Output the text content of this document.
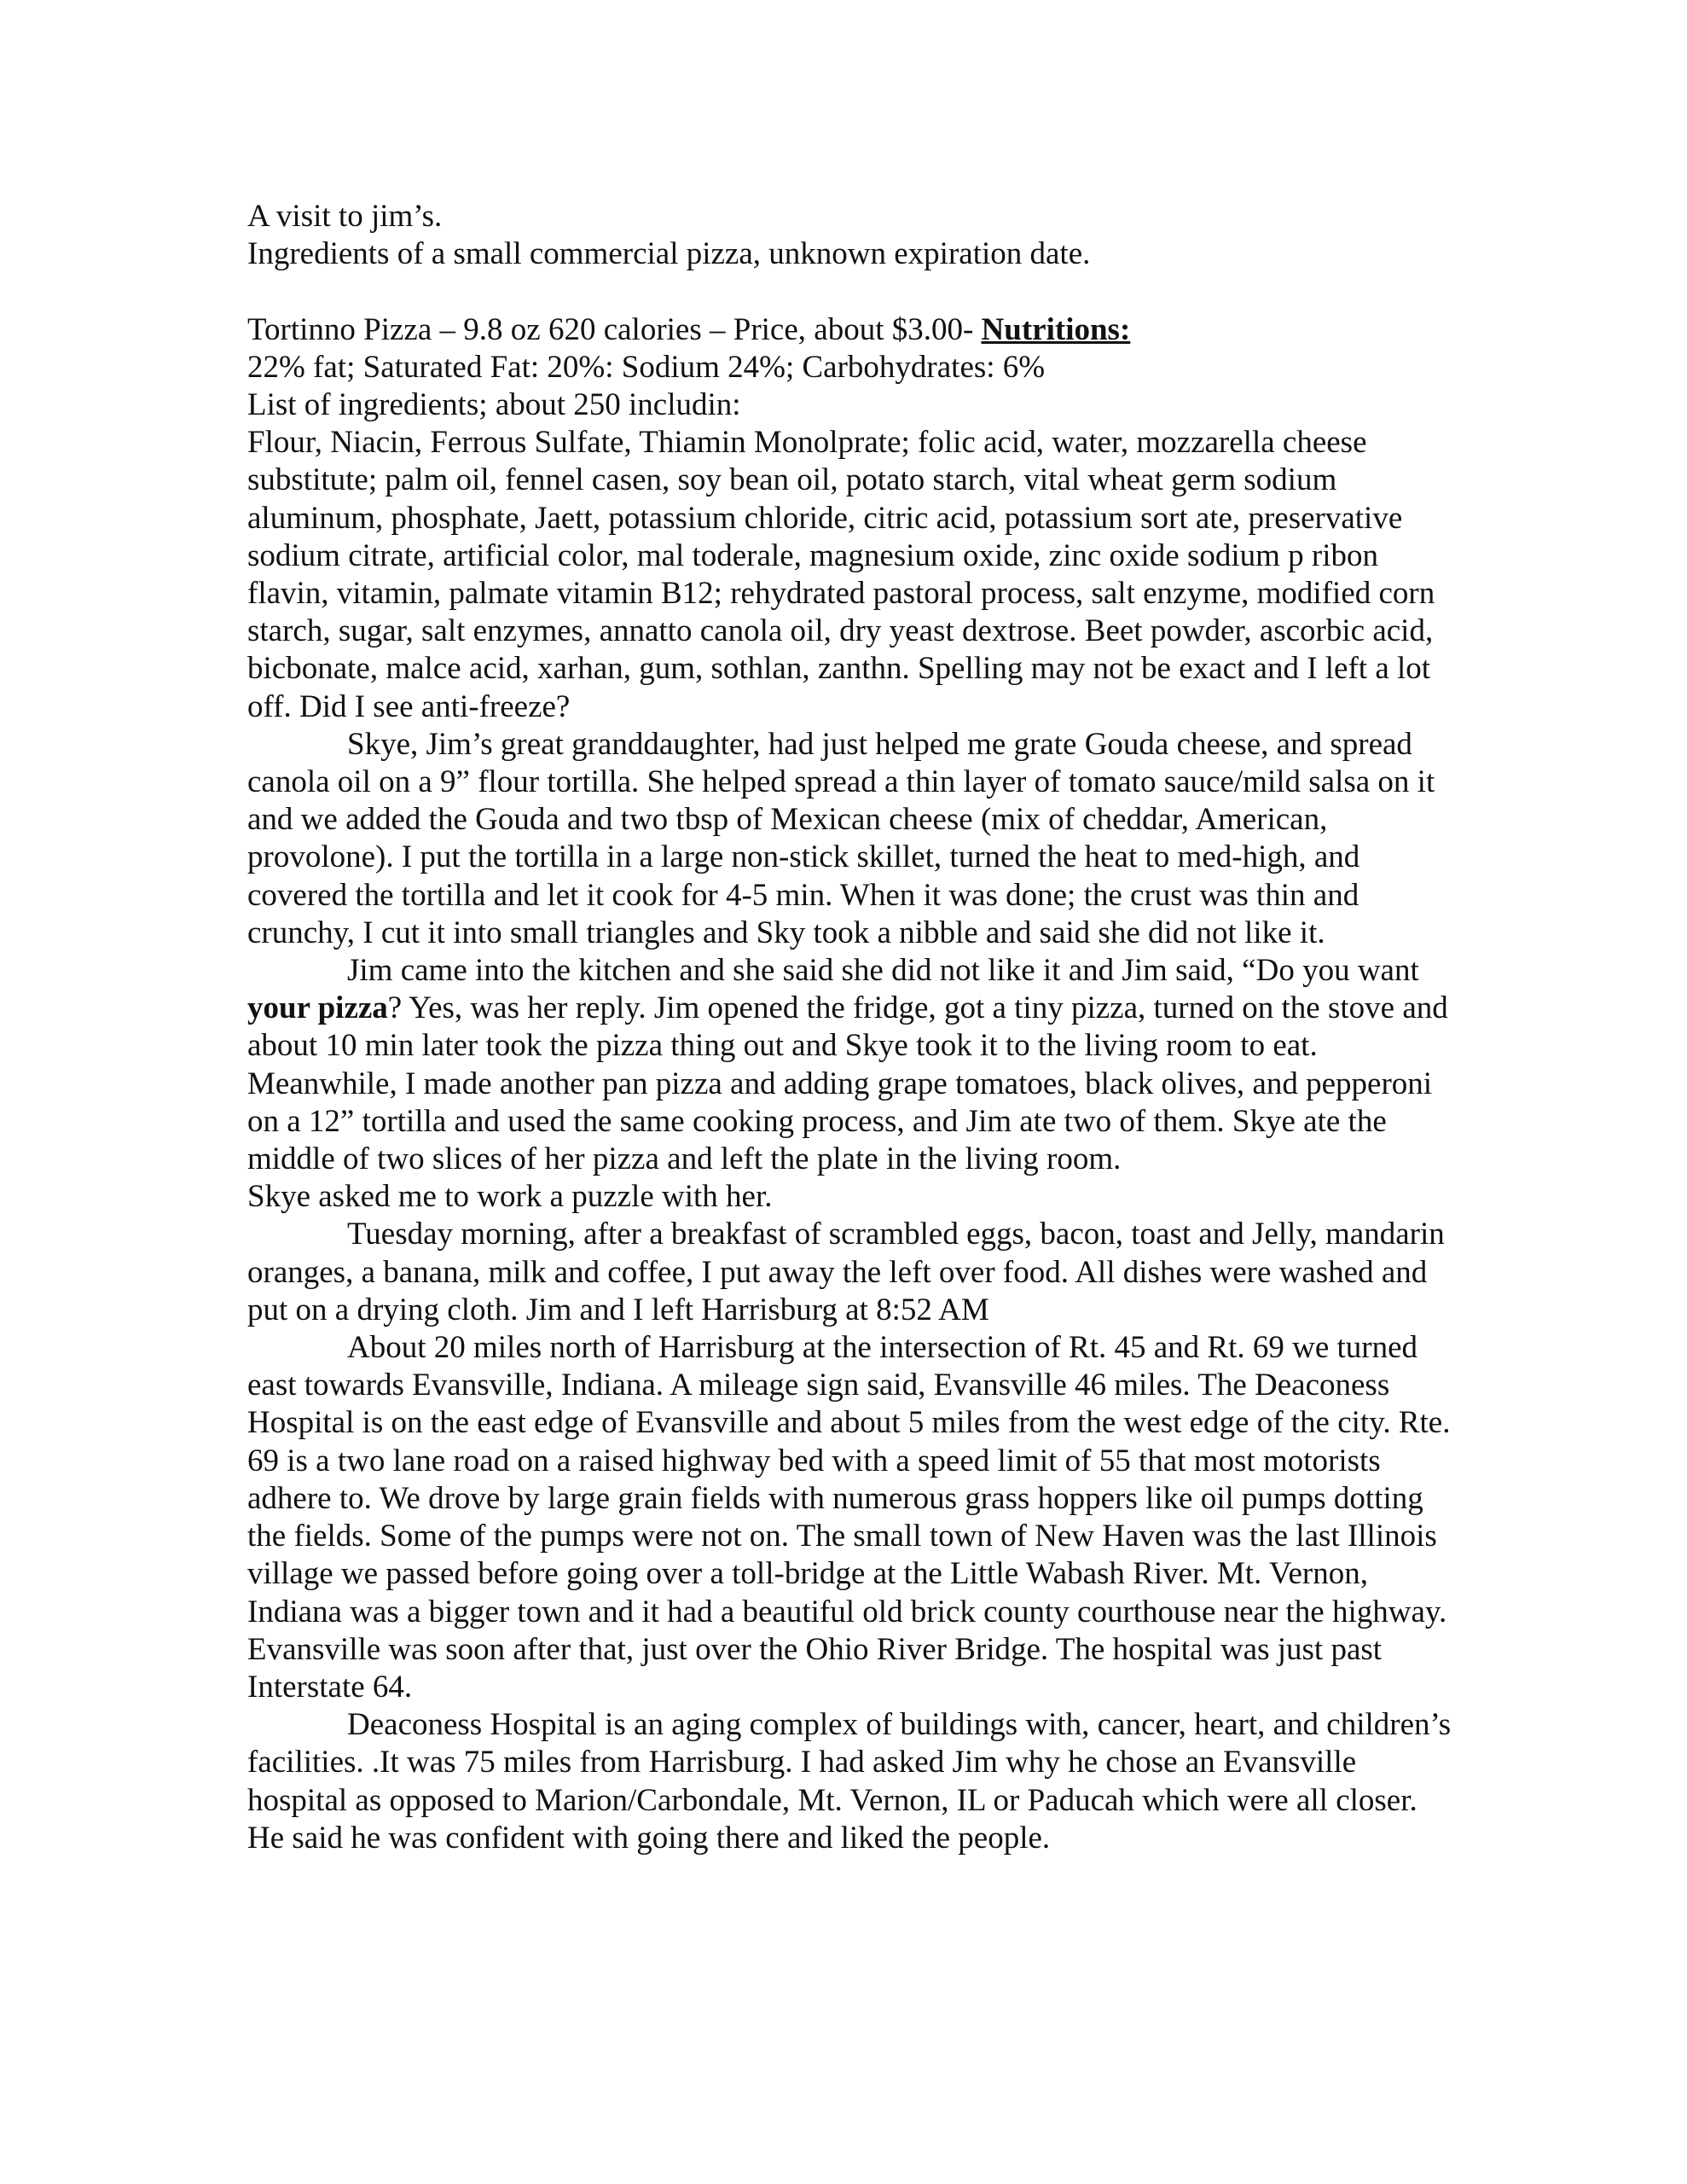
A visit to jim’s.

Ingredients of a small commercial pizza, unknown expiration date.

Tortinno Pizza – 9.8 oz 620 calories – Price, about $3.00- Nutritions:

22% fat; Saturated Fat: 20%: Sodium 24%; Carbohydrates: 6%

List of ingredients; about 250 includin:

Flour, Niacin, Ferrous Sulfate, Thiamin Monolprate; folic acid, water, mozzarella cheese substitute; palm oil, fennel casen, soy bean oil, potato starch, vital wheat germ sodium aluminum, phosphate, Jaett, potassium chloride, citric acid, potassium sort ate, preservative sodium citrate, artificial color, mal toderale, magnesium oxide, zinc oxide sodium p ribon flavin, vitamin, palmate vitamin B12; rehydrated pastoral process, salt enzyme, modified corn starch, sugar, salt enzymes, annatto canola oil, dry yeast dextrose. Beet powder, ascorbic acid, bicbonate, malce acid, xarhan, gum, sothlan, zanthn. Spelling may not be exact and I left a lot off. Did I see anti-freeze?

Skye, Jim’s great granddaughter, had just helped me grate Gouda cheese, and spread canola oil on a 9” flour tortilla. She helped spread a thin layer of tomato sauce/mild salsa on it and we added the Gouda and two tbsp of Mexican cheese (mix of cheddar, American, provolone). I put the tortilla in a large non-stick skillet, turned the heat to med-high, and covered the tortilla and let it cook for 4-5 min. When it was done; the crust was thin and crunchy, I cut it into small triangles and Sky took a nibble and said she did not like it.

Jim came into the kitchen and she said she did not like it and Jim said, “Do you want your pizza? Yes, was her reply. Jim opened the fridge, got a tiny pizza, turned on the stove and about 10 min later took the pizza thing out and Skye took it to the living room to eat. Meanwhile, I made another pan pizza and adding grape tomatoes, black olives, and pepperoni on a 12” tortilla and used the same cooking process, and Jim ate two of them. Skye ate the middle of two slices of her pizza and left the plate in the living room.

Skye asked me to work a puzzle with her.

Tuesday morning, after a breakfast of scrambled eggs, bacon, toast and Jelly, mandarin oranges, a banana, milk and coffee, I put away the left over food. All dishes were washed and put on a drying cloth. Jim and I left Harrisburg at 8:52 AM

About 20 miles north of Harrisburg at the intersection of Rt. 45 and Rt. 69 we turned east towards Evansville, Indiana. A mileage sign said, Evansville 46 miles. The Deaconess Hospital is on the east edge of Evansville and about 5 miles from the west edge of the city. Rte. 69 is a two lane road on a raised highway bed with a speed limit of 55 that most motorists adhere to. We drove by large grain fields with numerous grass hoppers like oil pumps dotting the fields. Some of the pumps were not on. The small town of New Haven was the last Illinois village we passed before going over a toll-bridge at the Little Wabash River. Mt. Vernon, Indiana was a bigger town and it had a beautiful old brick county courthouse near the highway. Evansville was soon after that, just over the Ohio River Bridge. The hospital was just past Interstate 64.

Deaconess Hospital is an aging complex of buildings with, cancer, heart, and children’s facilities. .It was 75 miles from Harrisburg. I had asked Jim why he chose an Evansville hospital as opposed to Marion/Carbondale, Mt. Vernon, IL or Paducah which were all closer. He said he was confident with going there and liked the people.
